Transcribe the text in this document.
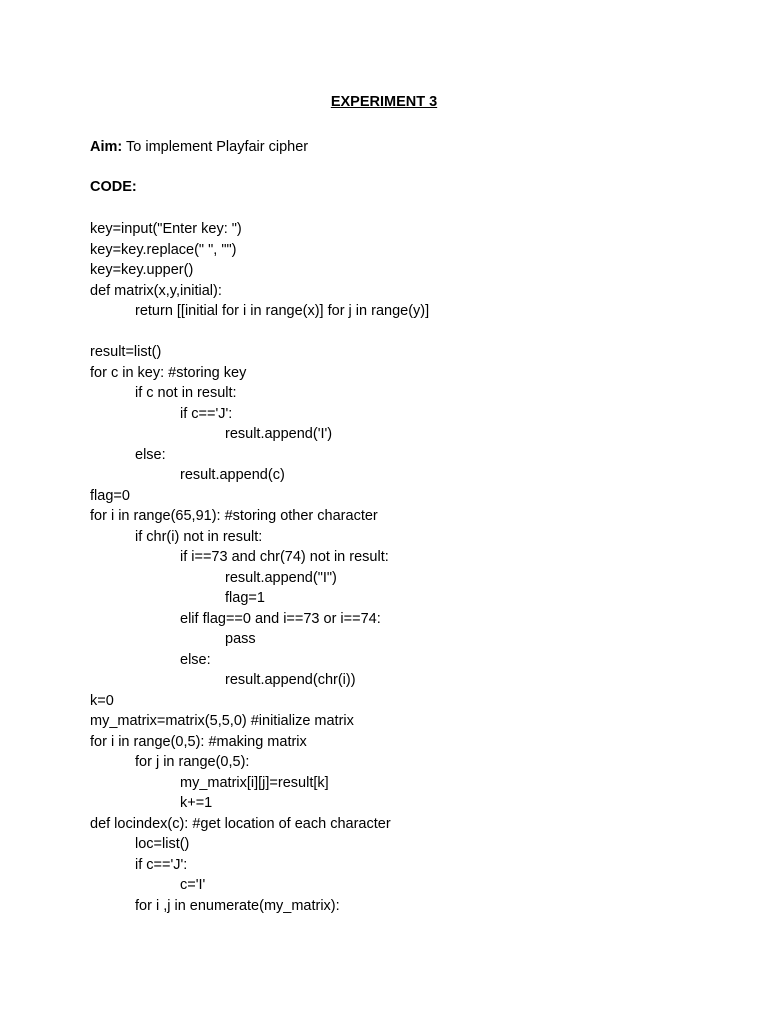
EXPERIMENT 3

Aim: To implement Playfair cipher

CODE:

key=input("Enter key: ")
key=key.replace(" ", "")
key=key.upper()
def matrix(x,y,initial):
return [[initial for i in range(x)] for j in range(y)]
result=list()
for c in key: #storing key
if c not in result:
if c=='J':
result.append('I')
else:
result.append(c)
flag=0
for i in range(65,91): #storing other character
if chr(i) not in result:
if i==73 and chr(74) not in result:
result.append("I")
flag=1
elif flag==0 and i==73 or i==74:
pass
else:
result.append(chr(i))
k=0
my_matrix=matrix(5,5,0) #initialize matrix
for i in range(0,5): #making matrix
for j in range(0,5):
my_matrix[i][j]=result[k]
k+=1
def locindex(c): #get location of each character
loc=list()
if c=='J':
c='I'
for i ,j in enumerate(my_matrix):
